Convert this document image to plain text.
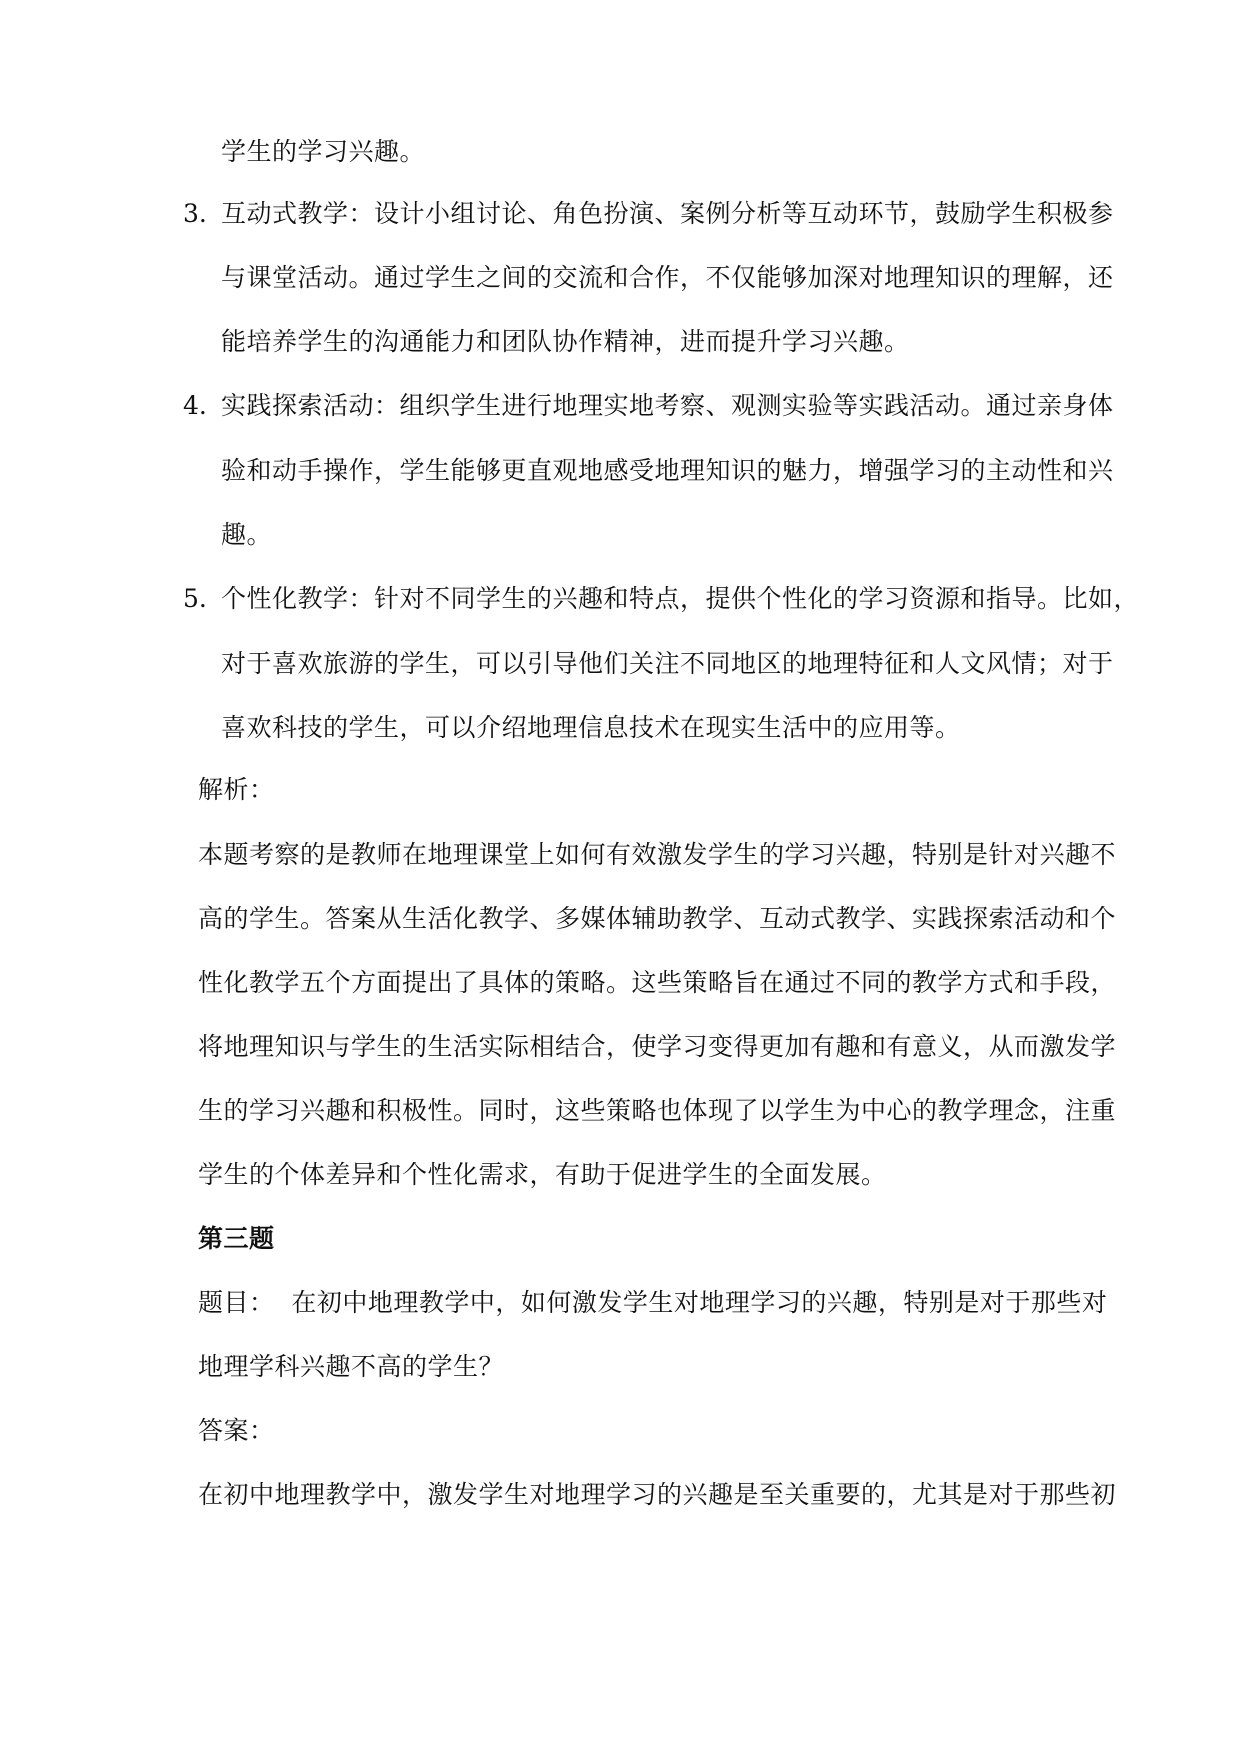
学生的学习兴趣。
3. 互动式教学：设计小组讨论、角色扮演、案例分析等互动环节，鼓励学生积极参
与课堂活动。通过学生之间的交流和合作，不仅能够加深对地理知识的理解，还
能培养学生的沟通能力和团队协作精神，进而提升学习兴趣。
4. 实践探索活动：组织学生进行地理实地考察、观测实验等实践活动。通过亲身体
验和动手操作，学生能够更直观地感受地理知识的魅力，增强学习的主动性和兴
趣。
5. 个性化教学：针对不同学生的兴趣和特点，提供个性化的学习资源和指导。比如，
对于喜欢旅游的学生，可以引导他们关注不同地区的地理特征和人文风情；对于
喜欢科技的学生，可以介绍地理信息技术在现实生活中的应用等。
解析：
本题考察的是教师在地理课堂上如何有效激发学生的学习兴趣，特别是针对兴趣不
高的学生。答案从生活化教学、多媒体辅助教学、互动式教学、实践探索活动和个
性化教学五个方面提出了具体的策略。这些策略旨在通过不同的教学方式和手段，
将地理知识与学生的生活实际相结合，使学习变得更加有趣和有意义，从而激发学
生的学习兴趣和积极性。同时，这些策略也体现了以学生为中心的教学理念，注重
学生的个体差异和个性化需求，有助于促进学生的全面发展。
第三题
题目：  在初中地理教学中，如何激发学生对地理学习的兴趣，特别是对于那些对
地理学科兴趣不高的学生？
答案：
在初中地理教学中，激发学生对地理学习的兴趣是至关重要的，尤其是对于那些初
